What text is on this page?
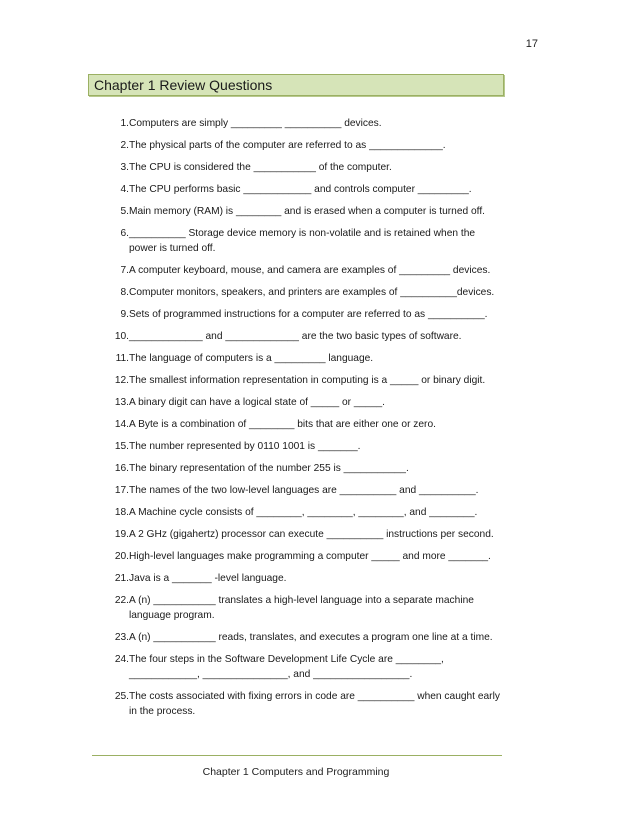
17
Chapter 1 Review Questions
1. Computers are simply _________ __________ devices.
2. The physical parts of the computer are referred to as _____________.
3. The CPU is considered the ___________ of the computer.
4. The CPU performs basic ____________ and controls computer _________.
5. Main memory (RAM) is ________ and is erased when a computer is turned off.
6. __________ Storage device memory is non-volatile and is retained when the power is turned off.
7. A computer keyboard, mouse, and camera are examples of _________ devices.
8. Computer monitors, speakers, and printers are examples of __________devices.
9. Sets of programmed instructions for a computer are referred to as __________.
10. _____________ and _____________ are the two basic types of software.
11. The language of computers is a _________ language.
12. The smallest information representation in computing is a _____ or binary digit.
13. A binary digit can have a logical state of _____ or _____.
14. A Byte is a combination of ________ bits that are either one or zero.
15. The number represented by 0110 1001 is _______.
16. The binary representation of the number 255 is ___________.
17. The names of the two low-level languages are __________ and __________.
18. A Machine cycle consists of ________, ________, ________, and ________.
19. A 2 GHz (gigahertz) processor can execute __________ instructions per second.
20. High-level languages make programming a computer _____ and more _______.
21. Java is a _______ -level language.
22. A (n) ___________ translates a high-level language into a separate machine language program.
23. A (n) ___________ reads, translates, and executes a program one line at a time.
24. The four steps in the Software Development Life Cycle are ________, ____________, _______________, and _________________.
25. The costs associated with fixing errors in code are __________ when caught early in the process.
Chapter 1 Computers and Programming
